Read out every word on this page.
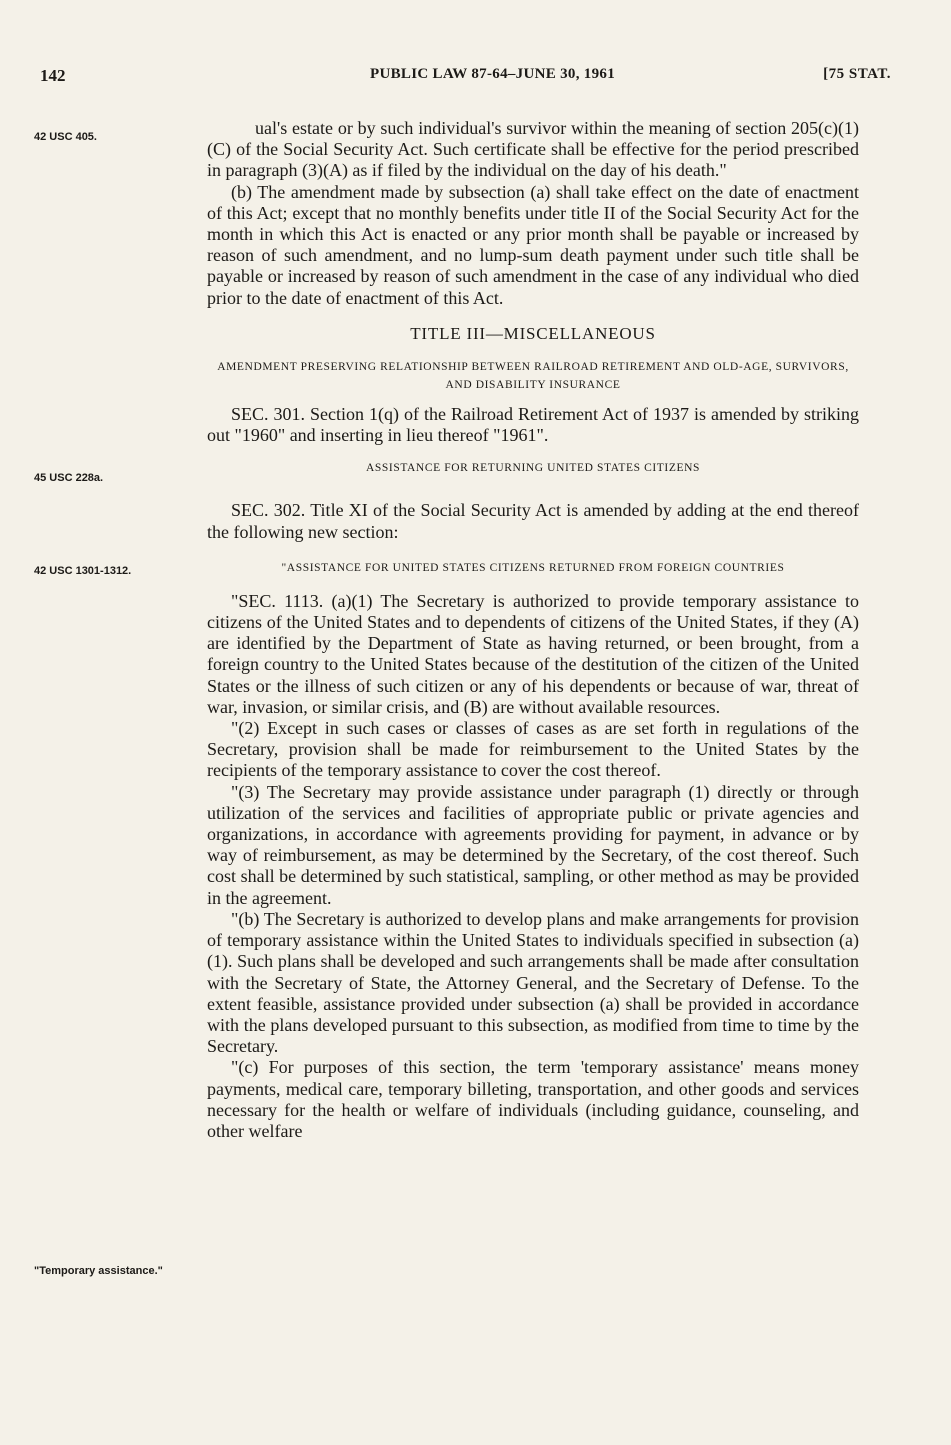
142	PUBLIC LAW 87-64–JUNE 30, 1961	[75 STAT.
42 USC 405.
45 USC 228a.
42 USC 1301-1312.
"Temporary assistance."

ual's estate or by such individual's survivor within the meaning of section 205(c)(1)(C) of the Social Security Act. Such certificate shall be effective for the period prescribed in paragraph (3)(A) as if filed by the individual on the day of his death."

(b) The amendment made by subsection (a) shall take effect on the date of enactment of this Act; except that no monthly benefits under title II of the Social Security Act for the month in which this Act is enacted or any prior month shall be payable or increased by reason of such amendment, and no lump-sum death payment under such title shall be payable or increased by reason of such amendment in the case of any individual who died prior to the date of enactment of this Act.

TITLE III—MISCELLANEOUS

AMENDMENT PRESERVING RELATIONSHIP BETWEEN RAILROAD RETIREMENT AND OLD-AGE, SURVIVORS, AND DISABILITY INSURANCE

SEC. 301. Section 1(q) of the Railroad Retirement Act of 1937 is amended by striking out "1960" and inserting in lieu thereof "1961".

ASSISTANCE FOR RETURNING UNITED STATES CITIZENS

SEC. 302. Title XI of the Social Security Act is amended by adding at the end thereof the following new section:

"ASSISTANCE FOR UNITED STATES CITIZENS RETURNED FROM FOREIGN COUNTRIES

"SEC. 1113. (a)(1) The Secretary is authorized to provide temporary assistance to citizens of the United States and to dependents of citizens of the United States, if they (A) are identified by the Department of State as having returned, or been brought, from a foreign country to the United States because of the destitution of the citizen of the United States or the illness of such citizen or any of his dependents or because of war, threat of war, invasion, or similar crisis, and (B) are without available resources.

"(2) Except in such cases or classes of cases as are set forth in regulations of the Secretary, provision shall be made for reimbursement to the United States by the recipients of the temporary assistance to cover the cost thereof.

"(3) The Secretary may provide assistance under paragraph (1) directly or through utilization of the services and facilities of appropriate public or private agencies and organizations, in accordance with agreements providing for payment, in advance or by way of reimbursement, as may be determined by the Secretary, of the cost thereof. Such cost shall be determined by such statistical, sampling, or other method as may be provided in the agreement.

"(b) The Secretary is authorized to develop plans and make arrangements for provision of temporary assistance within the United States to individuals specified in subsection (a)(1). Such plans shall be developed and such arrangements shall be made after consultation with the Secretary of State, the Attorney General, and the Secretary of Defense. To the extent feasible, assistance provided under subsection (a) shall be provided in accordance with the plans developed pursuant to this subsection, as modified from time to time by the Secretary.

"(c) For purposes of this section, the term 'temporary assistance' means money payments, medical care, temporary billeting, transportation, and other goods and services necessary for the health or welfare of individuals (including guidance, counseling, and other welfare
